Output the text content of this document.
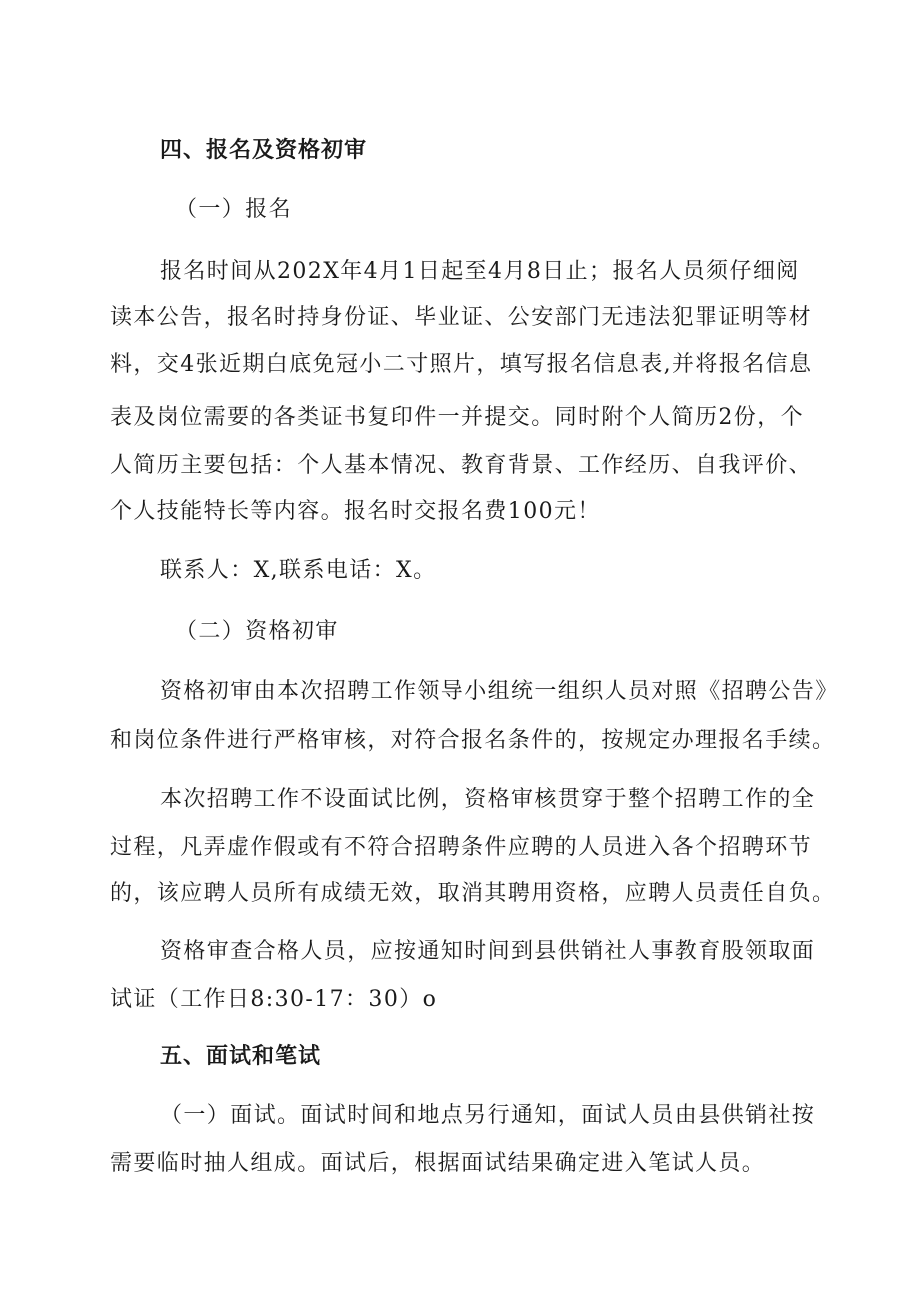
四、报名及资格初审
（一）报名
报名时间从202X年4月1日起至4月8日止；报名人员须仔细阅
读本公告，报名时持身份证、毕业证、公安部门无违法犯罪证明等材
料，交4张近期白底免冠小二寸照片，填写报名信息表,并将报名信息
表及岗位需要的各类证书复印件一并提交。同时附个人简历2份，个
人简历主要包括：个人基本情况、教育背景、工作经历、自我评价、
个人技能特长等内容。报名时交报名费100元！
联系人：X,联系电话：X。
（二）资格初审
资格初审由本次招聘工作领导小组统一组织人员对照《招聘公告》
和岗位条件进行严格审核，对符合报名条件的，按规定办理报名手续。
本次招聘工作不设面试比例，资格审核贯穿于整个招聘工作的全
过程，凡弄虚作假或有不符合招聘条件应聘的人员进入各个招聘环节
的，该应聘人员所有成绩无效，取消其聘用资格，应聘人员责任自负。
资格审查合格人员，应按通知时间到县供销社人事教育股领取面
试证（工作日8:30-17：30）o
五、面试和笔试
（一）面试。面试时间和地点另行通知，面试人员由县供销社按
需要临时抽人组成。面试后，根据面试结果确定进入笔试人员。
